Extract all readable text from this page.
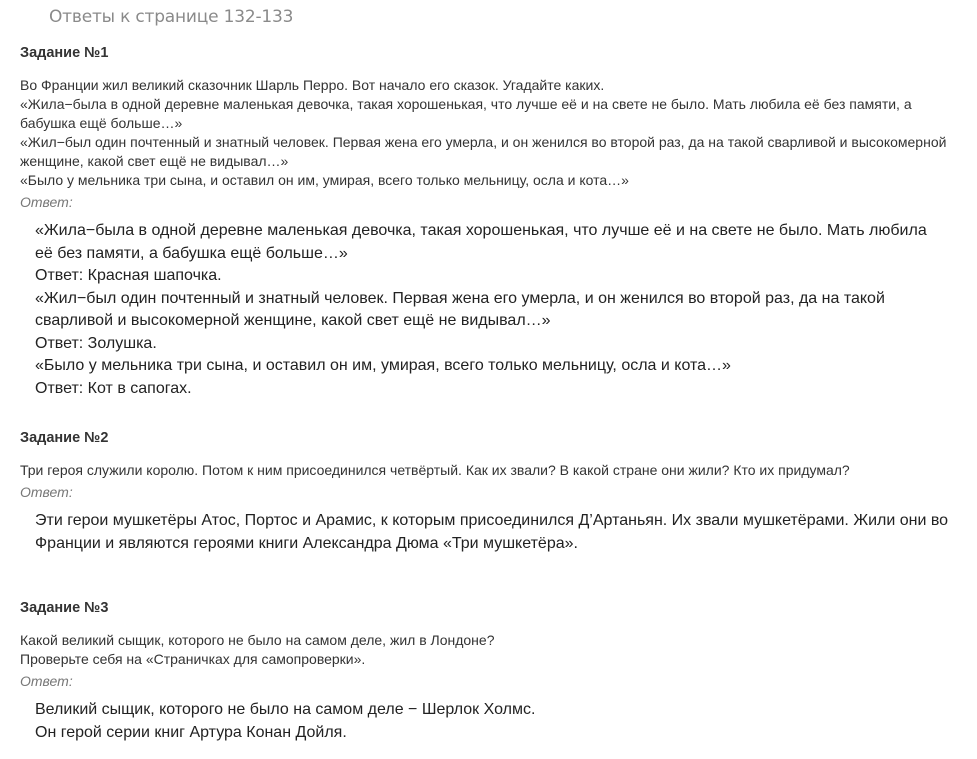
Ответы к странице 132-133
Задание №1

Во Франции жил великий сказочник Шарль Перро. Вот начало его сказок. Угадайте каких.

«Жила−была в одной деревне маленькая девочка, такая хорошенькая, что лучше её и на свете не было. Мать любила её без памяти, а бабушка ещё больше…»

«Жил−был один почтенный и знатный человек. Первая жена его умерла, и он женился во второй раз, да на такой сварливой и высокомерной женщине, какой свет ещё не видывал…»

«Было у мельника три сына, и оставил он им, умирая, всего только мельницу, осла и кота…»

Ответ:

«Жила−была в одной деревне маленькая девочка, такая хорошенькая, что лучше её и на свете не было. Мать любила её без памяти, а бабушка ещё больше…»

Ответ: Красная шапочка.

«Жил−был один почтенный и знатный человек. Первая жена его умерла, и он женился во второй раз, да на такой сварливой и высокомерной женщине, какой свет ещё не видывал…»

Ответ: Золушка.

«Было у мельника три сына, и оставил он им, умирая, всего только мельницу, осла и кота…»

Ответ: Кот в сапогах.

Задание №2

Три героя служили королю. Потом к ним присоединился четвёртый. Как их звали? В какой стране они жили? Кто их придумал?

Ответ:

Эти герои мушкетёры Атос, Портос и Арамис, к которым присоединился Д’Артаньян. Их звали мушкетёрами. Жили они во Франции и являются героями книги Александра Дюма «Три мушкетёра».

Задание №3

Какой великий сыщик, которого не было на самом деле, жил в Лондоне?

Проверьте себя на «Страничках для самопроверки».

Ответ:

Великий сыщик, которого не было на самом деле − Шерлок Холмс.

Он герой серии книг Артура Конан Дойля.
